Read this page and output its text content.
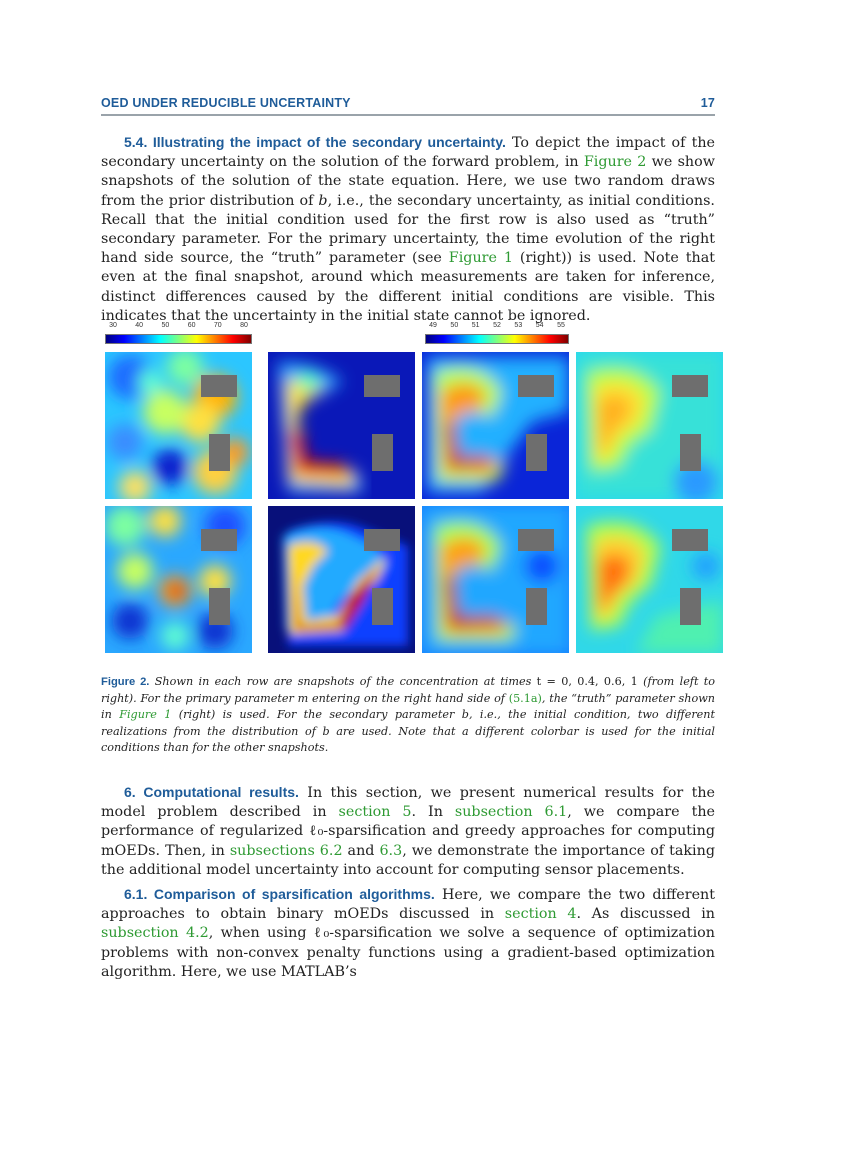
OED UNDER REDUCIBLE UNCERTAINTY	17
5.4. Illustrating the impact of the secondary uncertainty. To depict the impact of the secondary uncertainty on the solution of the forward problem, in Figure 2 we show snapshots of the solution of the state equation. Here, we use two random draws from the prior distribution of b, i.e., the secondary uncertainty, as initial conditions. Recall that the initial condition used for the first row is also used as “truth” secondary parameter. For the primary uncertainty, the time evolution of the right hand side source, the “truth” parameter (see Figure 1 (right)) is used. Note that even at the final snapshot, around which measurements are taken for inference, distinct differences caused by the different initial conditions are visible. This indicates that the uncertainty in the initial state cannot be ignored.
30	40	50	60	70	80	49 50 51 52 53 54 55
Figure 2. Shown in each row are snapshots of the concentration at times t = 0, 0.4, 0.6, 1 (from left to right). For the primary parameter m entering on the right hand side of (5.1a), the “truth” parameter shown in Figure 1 (right) is used. For the secondary parameter b, i.e., the initial condition, two different realizations from the distribution of b are used. Note that a different colorbar is used for the initial conditions than for the other snapshots.
6. Computational results. In this section, we present numerical results for the model problem described in section 5. In subsection 6.1, we compare the performance of regularized ℓ₀-sparsification and greedy approaches for computing mOEDs. Then, in subsections 6.2 and 6.3, we demonstrate the importance of taking the additional model uncertainty into account for computing sensor placements.
6.1. Comparison of sparsification algorithms. Here, we compare the two different approaches to obtain binary mOEDs discussed in section 4. As discussed in subsection 4.2, when using ℓ₀-sparsification we solve a sequence of optimization problems with non-convex penalty functions using a gradient-based optimization algorithm. Here, we use MATLAB’s
